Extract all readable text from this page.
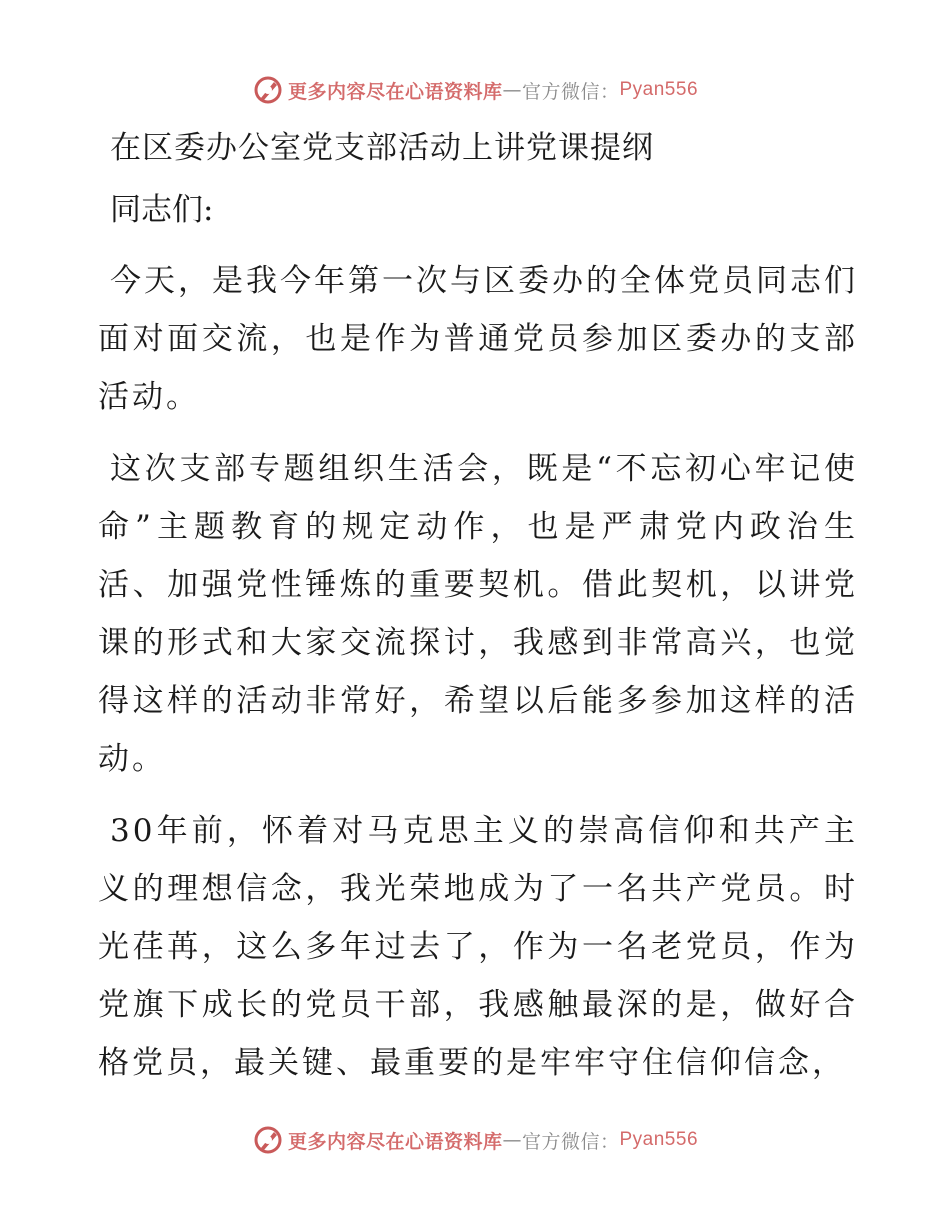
更多内容尽在心语资料库 — 官方微信： Pyan556
在区委办公室党支部活动上讲党课提纲

同志们:

今天，是我今年第一次与区委办的全体党员同志们面对面交流，也是作为普通党员参加区委办的支部活动。

这次支部专题组织生活会，既是“不忘初心牢记使命”主题教育的规定动作，也是严肃党内政治生活、加强党性锤炼的重要契机。借此契机，以讲党课的形式和大家交流探讨，我感到非常高兴，也觉得这样的活动非常好，希望以后能多参加这样的活动。

30年前，怀着对马克思主义的崇高信仰和共产主义的理想信念，我光荣地成为了一名共产党员。时光荏苒，这么多年过去了，作为一名老党员，作为党旗下成长的党员干部，我感触最深的是，做好合格党员，最关键、最重要的是牢牢守住信仰信念，

更多内容尽在心语资料库 — 官方微信： Pyan556
